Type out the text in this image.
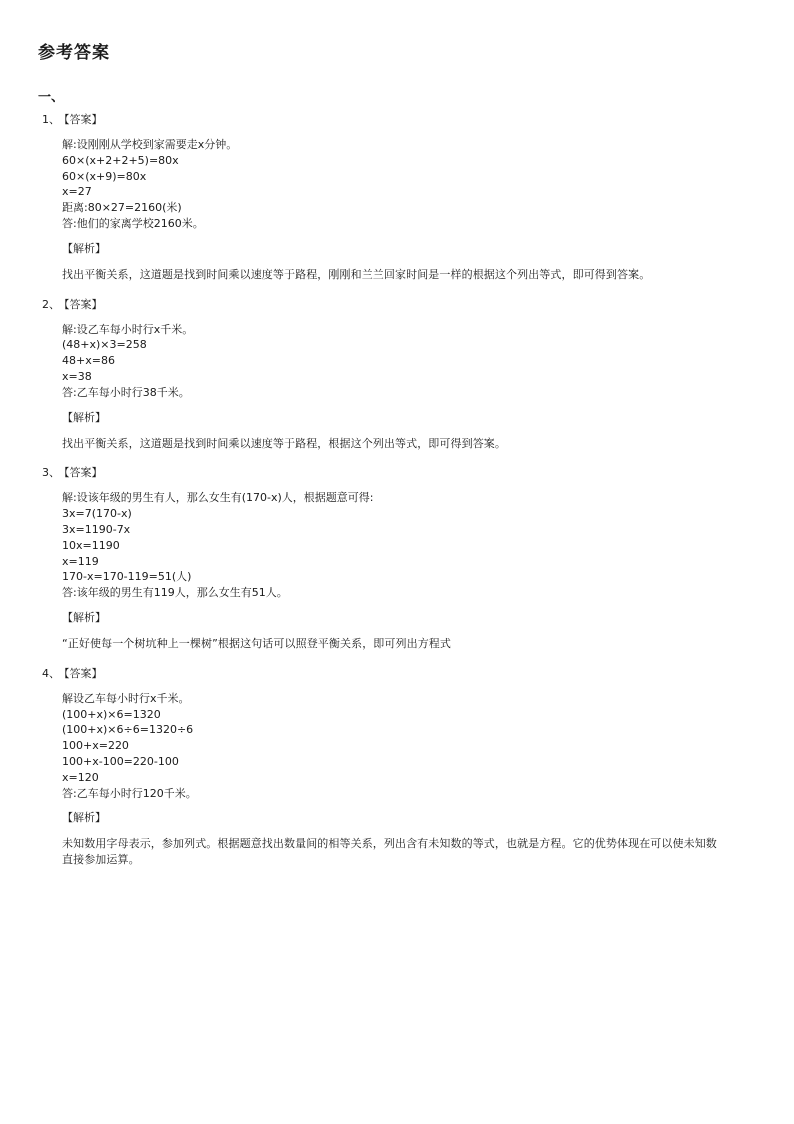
参考答案
一、
1、 【答案】
解:设刚刚从学校到家需要走x分钟。
60×(x+2+2+5)=80x
60×(x+9)=80x
x=27
距离:80×27=2160(米)
答:他们的家离学校2160米。
【解析】
找出平衡关系，这道题是找到时间乘以速度等于路程，刚刚和兰兰回家时间是一样的根据这个列出等式，即可得到答案。
2、 【答案】
解:设乙车每小时行x千米。
(48+x)×3=258
48+x=86
x=38
答:乙车每小时行38千米。
【解析】
找出平衡关系，这道题是找到时间乘以速度等于路程，根据这个列出等式，即可得到答案。
3、 【答案】
解:设该年级的男生有人，那么女生有(170-x)人，根据题意可得:
3x=7(170-x)
3x=1190-7x
10x=1190
x=119
170-x=170-119=51(人)
答:该年级的男生有119人，那么女生有51人。
【解析】
“正好使每一个树坑种上一棵树”根据这句话可以照登平衡关系，即可列出方程式
4、 【答案】
解设乙车每小时行x千米。
(100+x)×6=1320
(100+x)×6÷6=1320÷6
100+x=220
100+x-100=220-100
x=120
答:乙车每小时行120千米。
【解析】
未知数用字母表示，参加列式。根据题意找出数量间的相等关系，列出含有未知数的等式，也就是方程。它的优势体现在可以使未知数直接参加运算。
